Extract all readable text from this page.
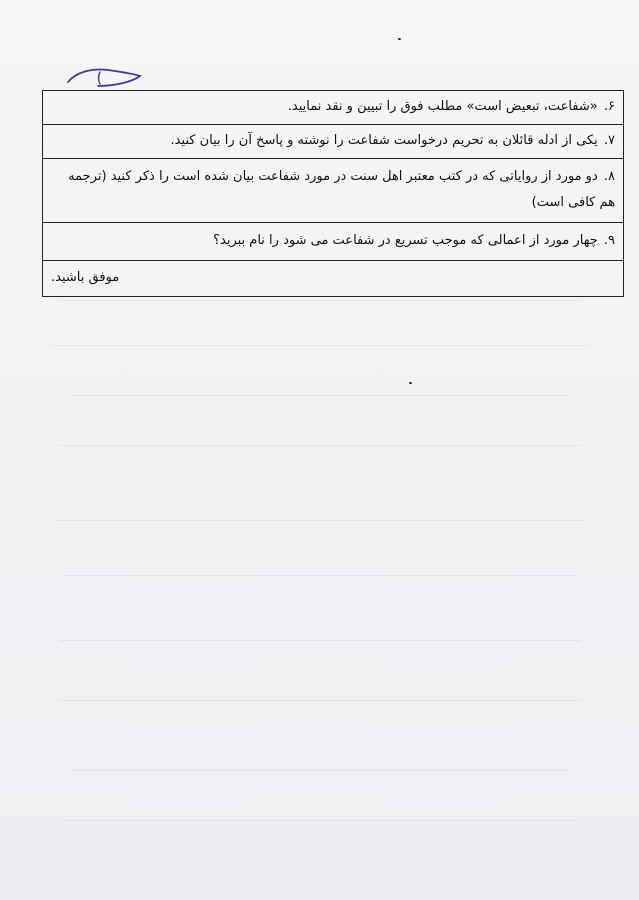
۶. «شفاعت، تبعیض است» مطلب فوق را تبیین و نقد نمایید.
۷. یکی از ادله قائلان به تحریم درخواست شفاعت را نوشته و پاسخ آن را بیان کنید.
۸. دو مورد از روایاتی که در کتب معتبر اهل سنت در مورد شفاعت بیان شده است را ذکر کنید (ترجمه هم کافی است)
۹. چهار مورد از اعمالی که موجب تسریع در شفاعت می شود را نام ببرید؟
موفق باشید.
